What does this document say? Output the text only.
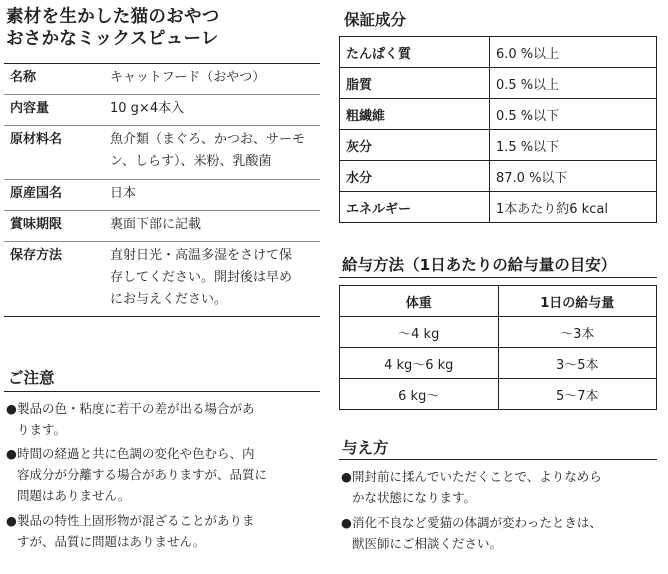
素材を生かした猫のおやつ
おさかなミックスピューレ
名称	キャットフード（おやつ）
内容量	10 g×4本入
原材料名	魚介類（まぐろ、かつお、サーモ
ン、しらす）、米粉、乳酸菌
原産国名	日本
賞味期限	裏面下部に記載
保存方法	直射日光・高温多湿をさけて保
存してください。開封後は早め
にお与えください。
ご注意
● 製品の色・粘度に若干の差が出る場合があ
ります。
● 時間の経過と共に色調の変化や色むら、内
容成分が分離する場合がありますが、品質に
問題はありません。
● 製品の特性上固形物が混ざることがありま
すが、品質に問題はありません。
保証成分
たんぱく質	6.0 %以上
脂質	0.5 %以上
粗繊維	0.5 %以下
灰分	1.5 %以下
水分	87.0 %以下
エネルギー	1本あたり約6 kcal
給与方法（1日あたりの給与量の目安）
体重	1日の給与量
〜4 kg	〜3本
4 kg〜6 kg	3〜5本
6 kg〜	5〜7本
与え方
● 開封前に揉んでいただくことで、よりなめら
かな状態になります。
● 消化不良など愛猫の体調が変わったときは、
獣医師にご相談ください。
